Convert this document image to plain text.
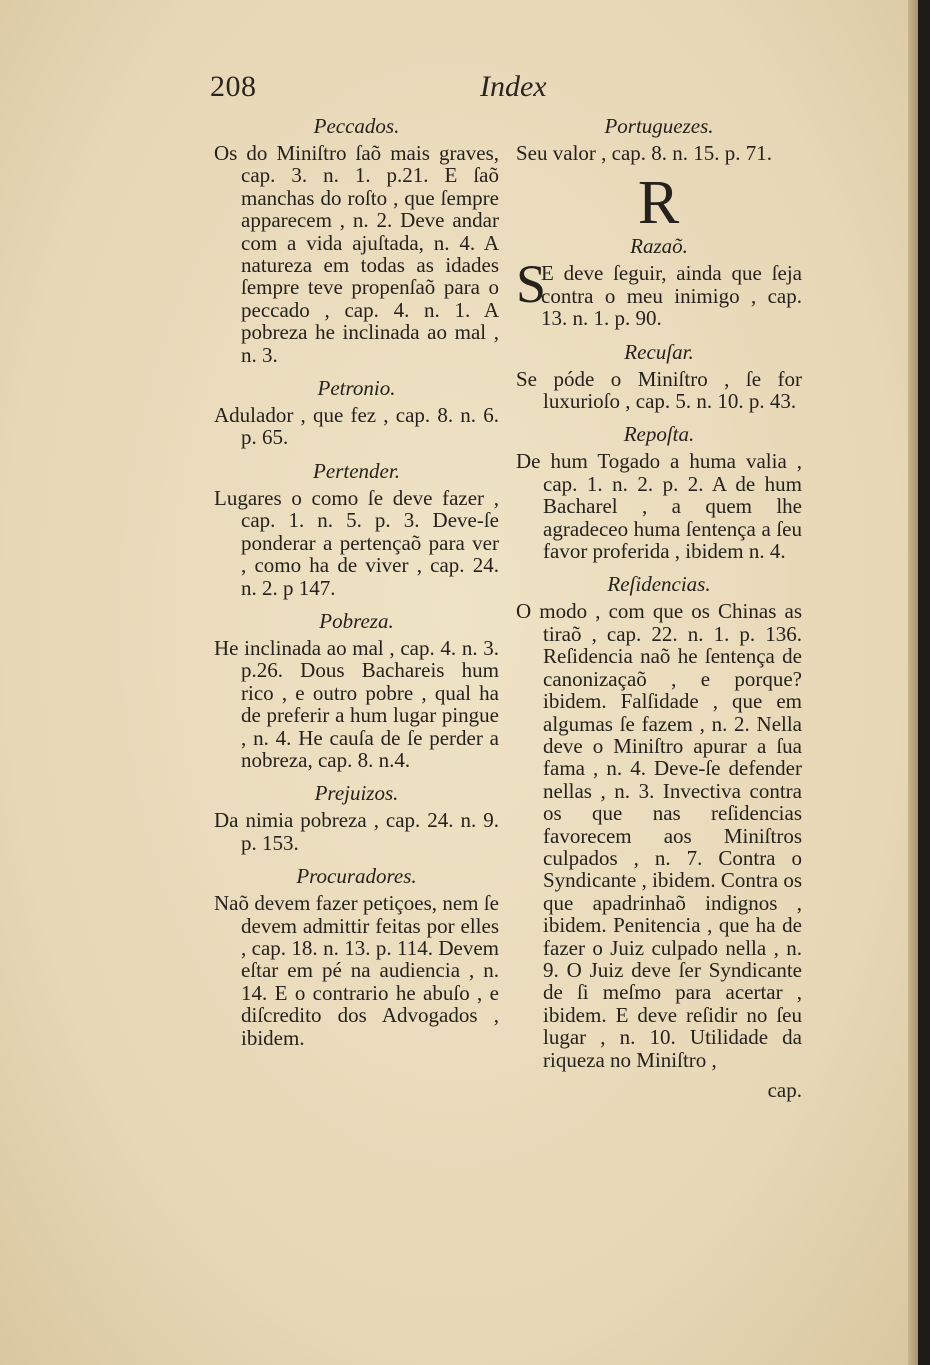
208	Index

Peccados.

Os do Miniſtro ſaõ mais graves, cap. 3. n. 1. p.21. E ſaõ manchas do roſto , que ſempre apparecem , n. 2. Deve andar com a vida ajuſtada, n. 4. A natureza em todas as idades ſempre teve propenſaõ para o peccado , cap. 4. n. 1. A pobreza he inclinada ao mal , n. 3.

Petronio.

Adulador , que fez , cap. 8. n. 6. p. 65.

Pertender.

Lugares o como ſe deve fazer , cap. 1. n. 5. p. 3. Deve-ſe ponderar a pertençaõ para ver , como ha de viver , cap. 24. n. 2. p 147.

Pobreza.

He inclinada ao mal , cap. 4. n. 3. p.26. Dous Bachareis hum rico , e outro pobre , qual ha de preferir a hum lugar pingue , n. 4. He cauſa de ſe perder a nobreza, cap. 8. n.4.

Prejuizos.

Da nimia pobreza , cap. 24. n. 9. p. 153.

Procuradores.

Naõ devem fazer petiçoes, nem ſe devem admittir feitas por elles , cap. 18. n. 13. p. 114. Devem eſtar em pé na audiencia , n. 14. E o contrario he abuſo , e diſcredito dos Advogados , ibidem.

Portuguezes.

Seu valor , cap. 8. n. 15. p. 71.

R

Razaõ.

S
E deve ſeguir, ainda que ſeja contra o meu inimigo , cap. 13. n. 1. p. 90.

Recuſar.

Se póde o Miniſtro , ſe for luxurioſo , cap. 5. n. 10. p. 43.

Repoſta.

De hum Togado a huma valia , cap. 1. n. 2. p. 2. A de hum Bacharel , a quem lhe agradeceo huma ſentença a ſeu favor proferida , ibidem n. 4.

Reſidencias.

O modo , com que os Chinas as tiraõ , cap. 22. n. 1. p. 136. Reſidencia naõ he ſentença de canonizaçaõ , e porque? ibidem. Falſidade , que em algumas ſe fazem , n. 2. Nella deve o Miniſtro apurar a ſua fama , n. 4. Deve-ſe defender nellas , n. 3. Invectiva contra os que nas reſidencias favorecem aos Miniſtros culpados , n. 7. Contra o Syndicante , ibidem. Contra os que apadrinhaõ indignos , ibidem. Penitencia , que ha de fazer o Juiz culpado nella , n. 9. O Juiz deve ſer Syndicante de ſi meſmo para acertar , ibidem. E deve reſidir no ſeu lugar , n. 10. Utilidade da riqueza no Miniſtro ,

cap.
